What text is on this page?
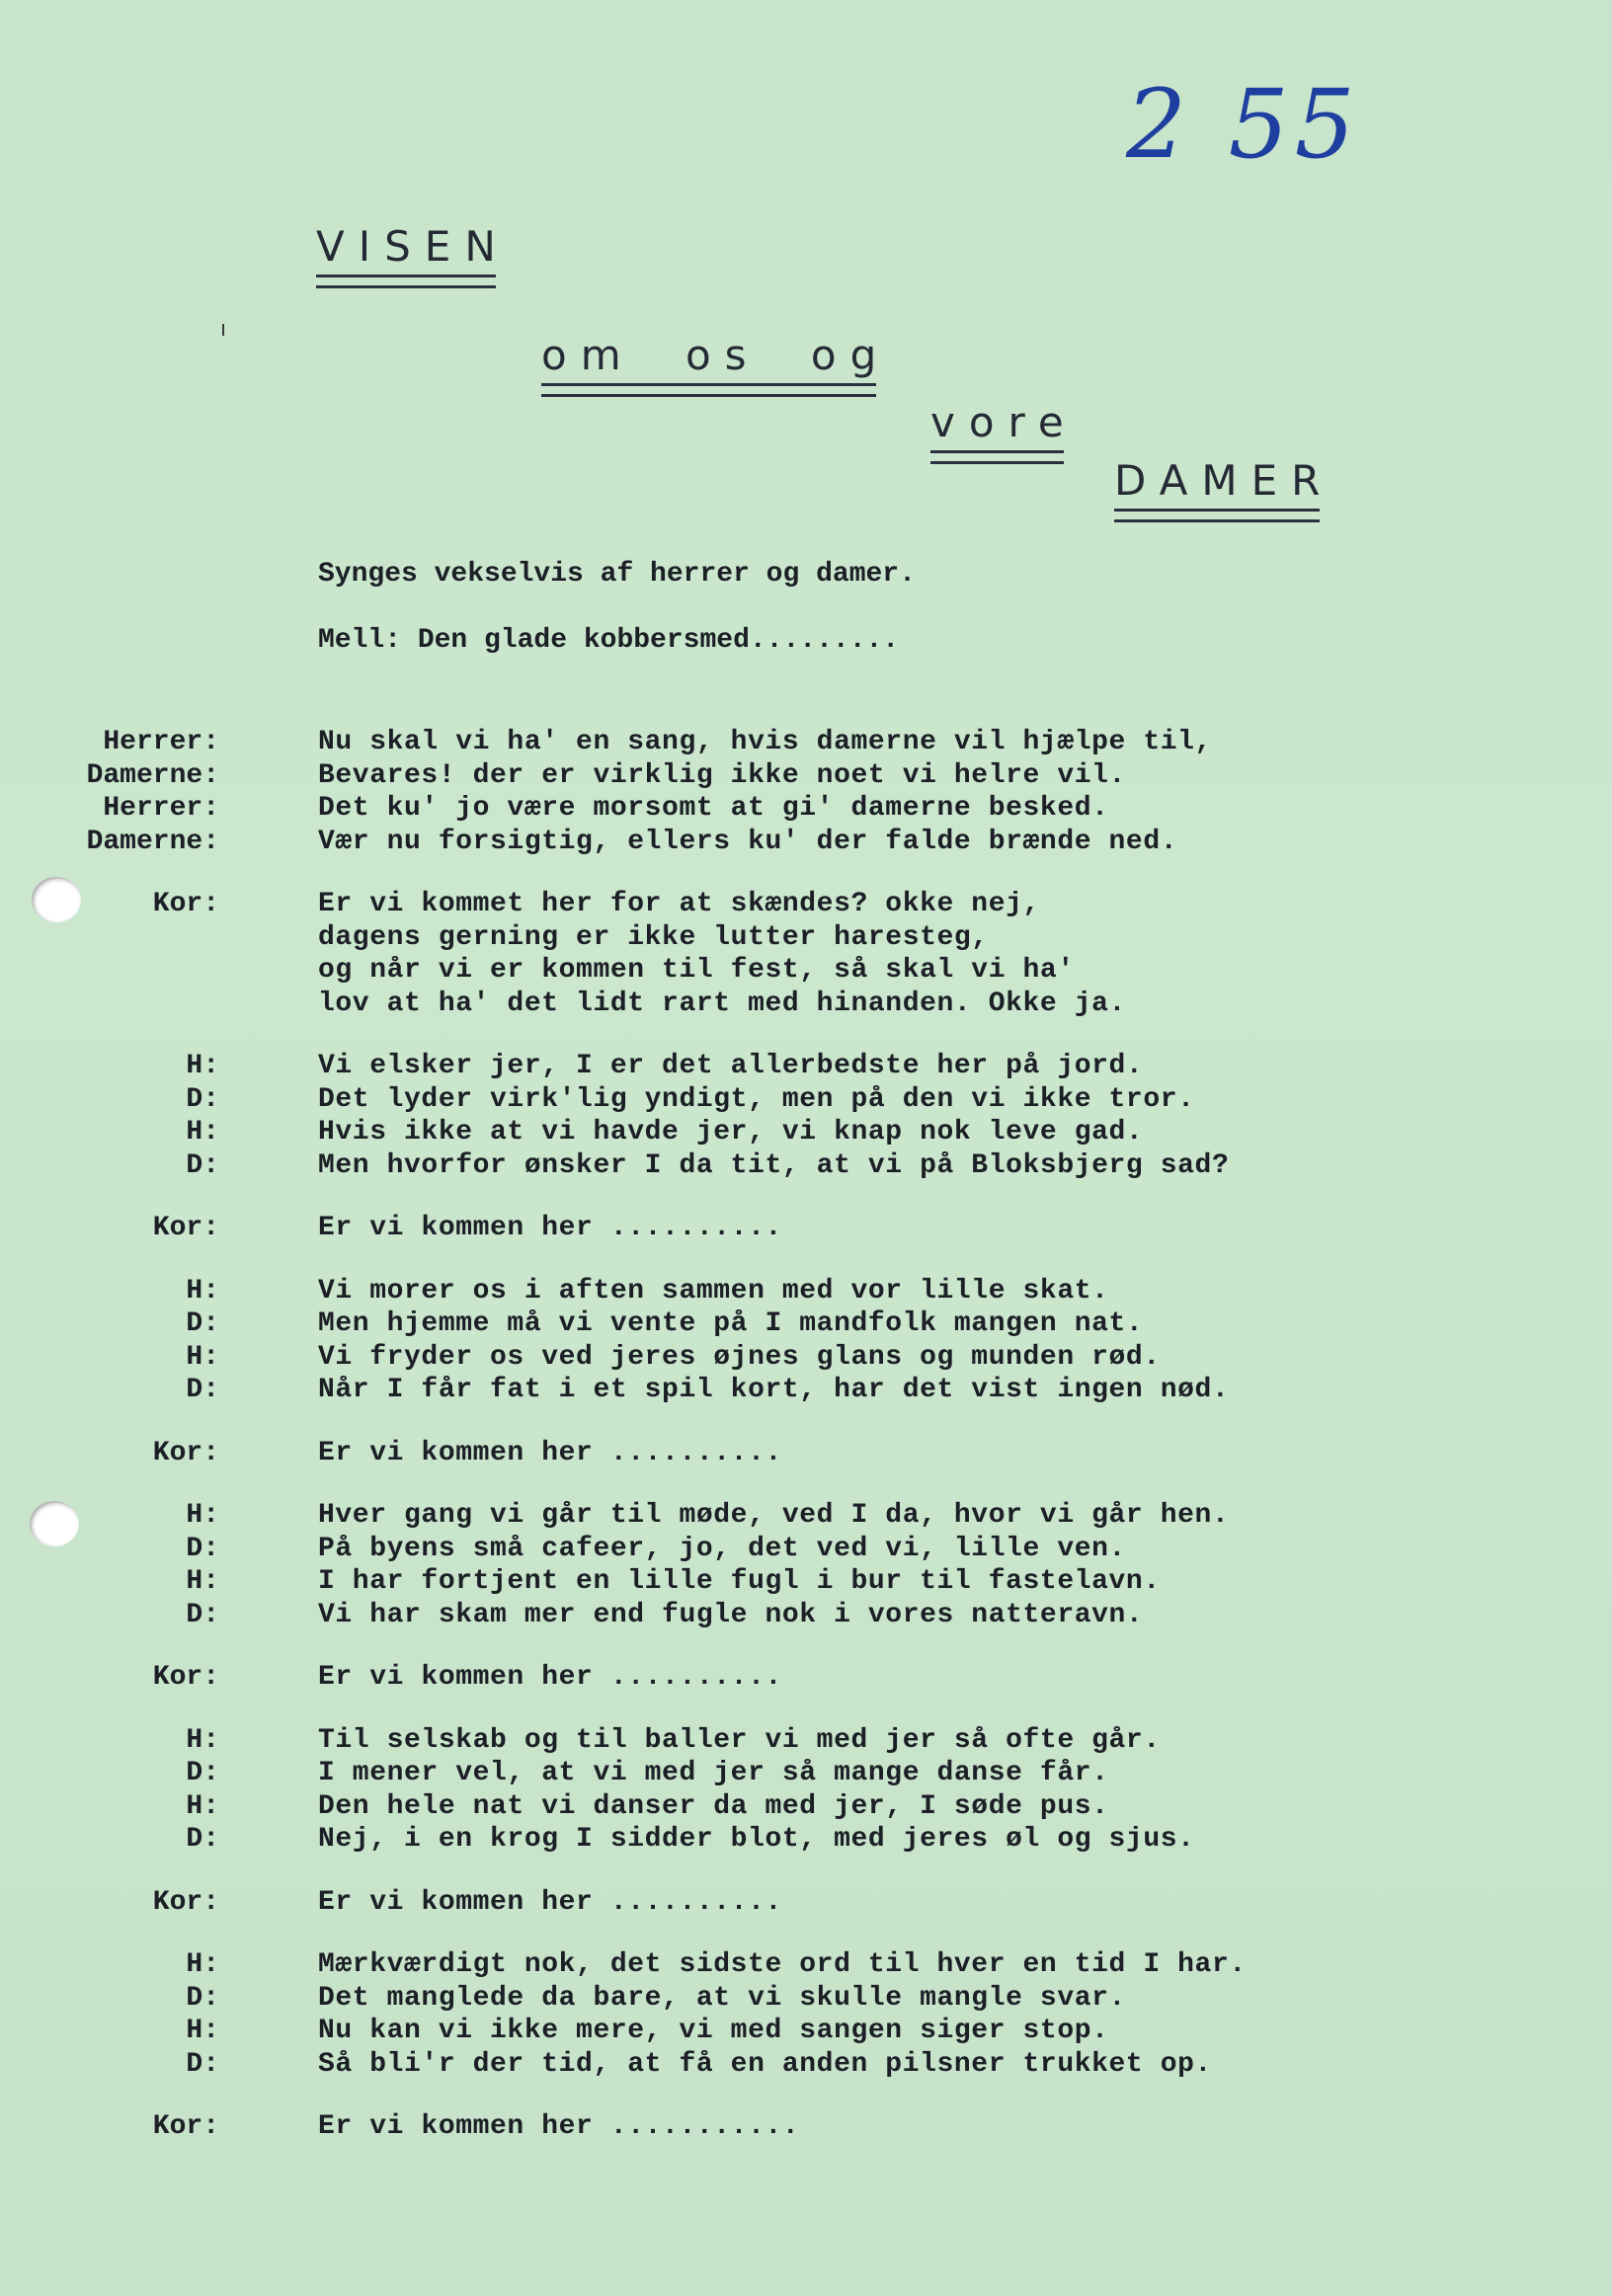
2 55
VISEN
om os og
vore
DAMER
Synges vekselvis af herrer og damer.
Mell: Den glade kobbersmed.........
Herrer:	Nu skal vi ha' en sang, hvis damerne vil hjælpe til,
Damerne:	Bevares! der er virklig ikke noet vi helre vil.
Herrer:	Det ku' jo være morsomt at gi' damerne besked.
Damerne:	Vær nu forsigtig, ellers ku' der falde brænde ned.
Kor:	Er vi kommet her for at skændes? okke nej,
dagens gerning er ikke lutter haresteg,
og når vi er kommen til fest, så skal vi ha'
lov at ha' det lidt rart med hinanden. Okke ja.
H:	Vi elsker jer, I er det allerbedste her på jord.
D:	Det lyder virk'lig yndigt, men på den vi ikke tror.
H:	Hvis ikke at vi havde jer, vi knap nok leve gad.
D:	Men hvorfor ønsker I da tit, at vi på Bloksbjerg sad?
Kor:	Er vi kommen her ..........
H:	Vi morer os i aften sammen med vor lille skat.
D:	Men hjemme må vi vente på I mandfolk mangen nat.
H:	Vi fryder os ved jeres øjnes glans og munden rød.
D:	Når I får fat i et spil kort, har det vist ingen nød.
Kor:	Er vi kommen her ..........
H:	Hver gang vi går til møde, ved I da, hvor vi går hen.
D:	På byens små cafeer, jo, det ved vi, lille ven.
H:	I har fortjent en lille fugl i bur til fastelavn.
D:	Vi har skam mer end fugle nok i vores natteravn.
Kor:	Er vi kommen her ..........
H:	Til selskab og til baller vi med jer så ofte går.
D:	I mener vel, at vi med jer så mange danse får.
H:	Den hele nat vi danser da med jer, I søde pus.
D:	Nej, i en krog I sidder blot, med jeres øl og sjus.
Kor:	Er vi kommen her ..........
H:	Mærkværdigt nok, det sidste ord til hver en tid I har.
D:	Det manglede da bare, at vi skulle mangle svar.
H:	Nu kan vi ikke mere, vi med sangen siger stop.
D:	Så bli'r der tid, at få en anden pilsner trukket op.
Kor:	Er vi kommen her ...........
